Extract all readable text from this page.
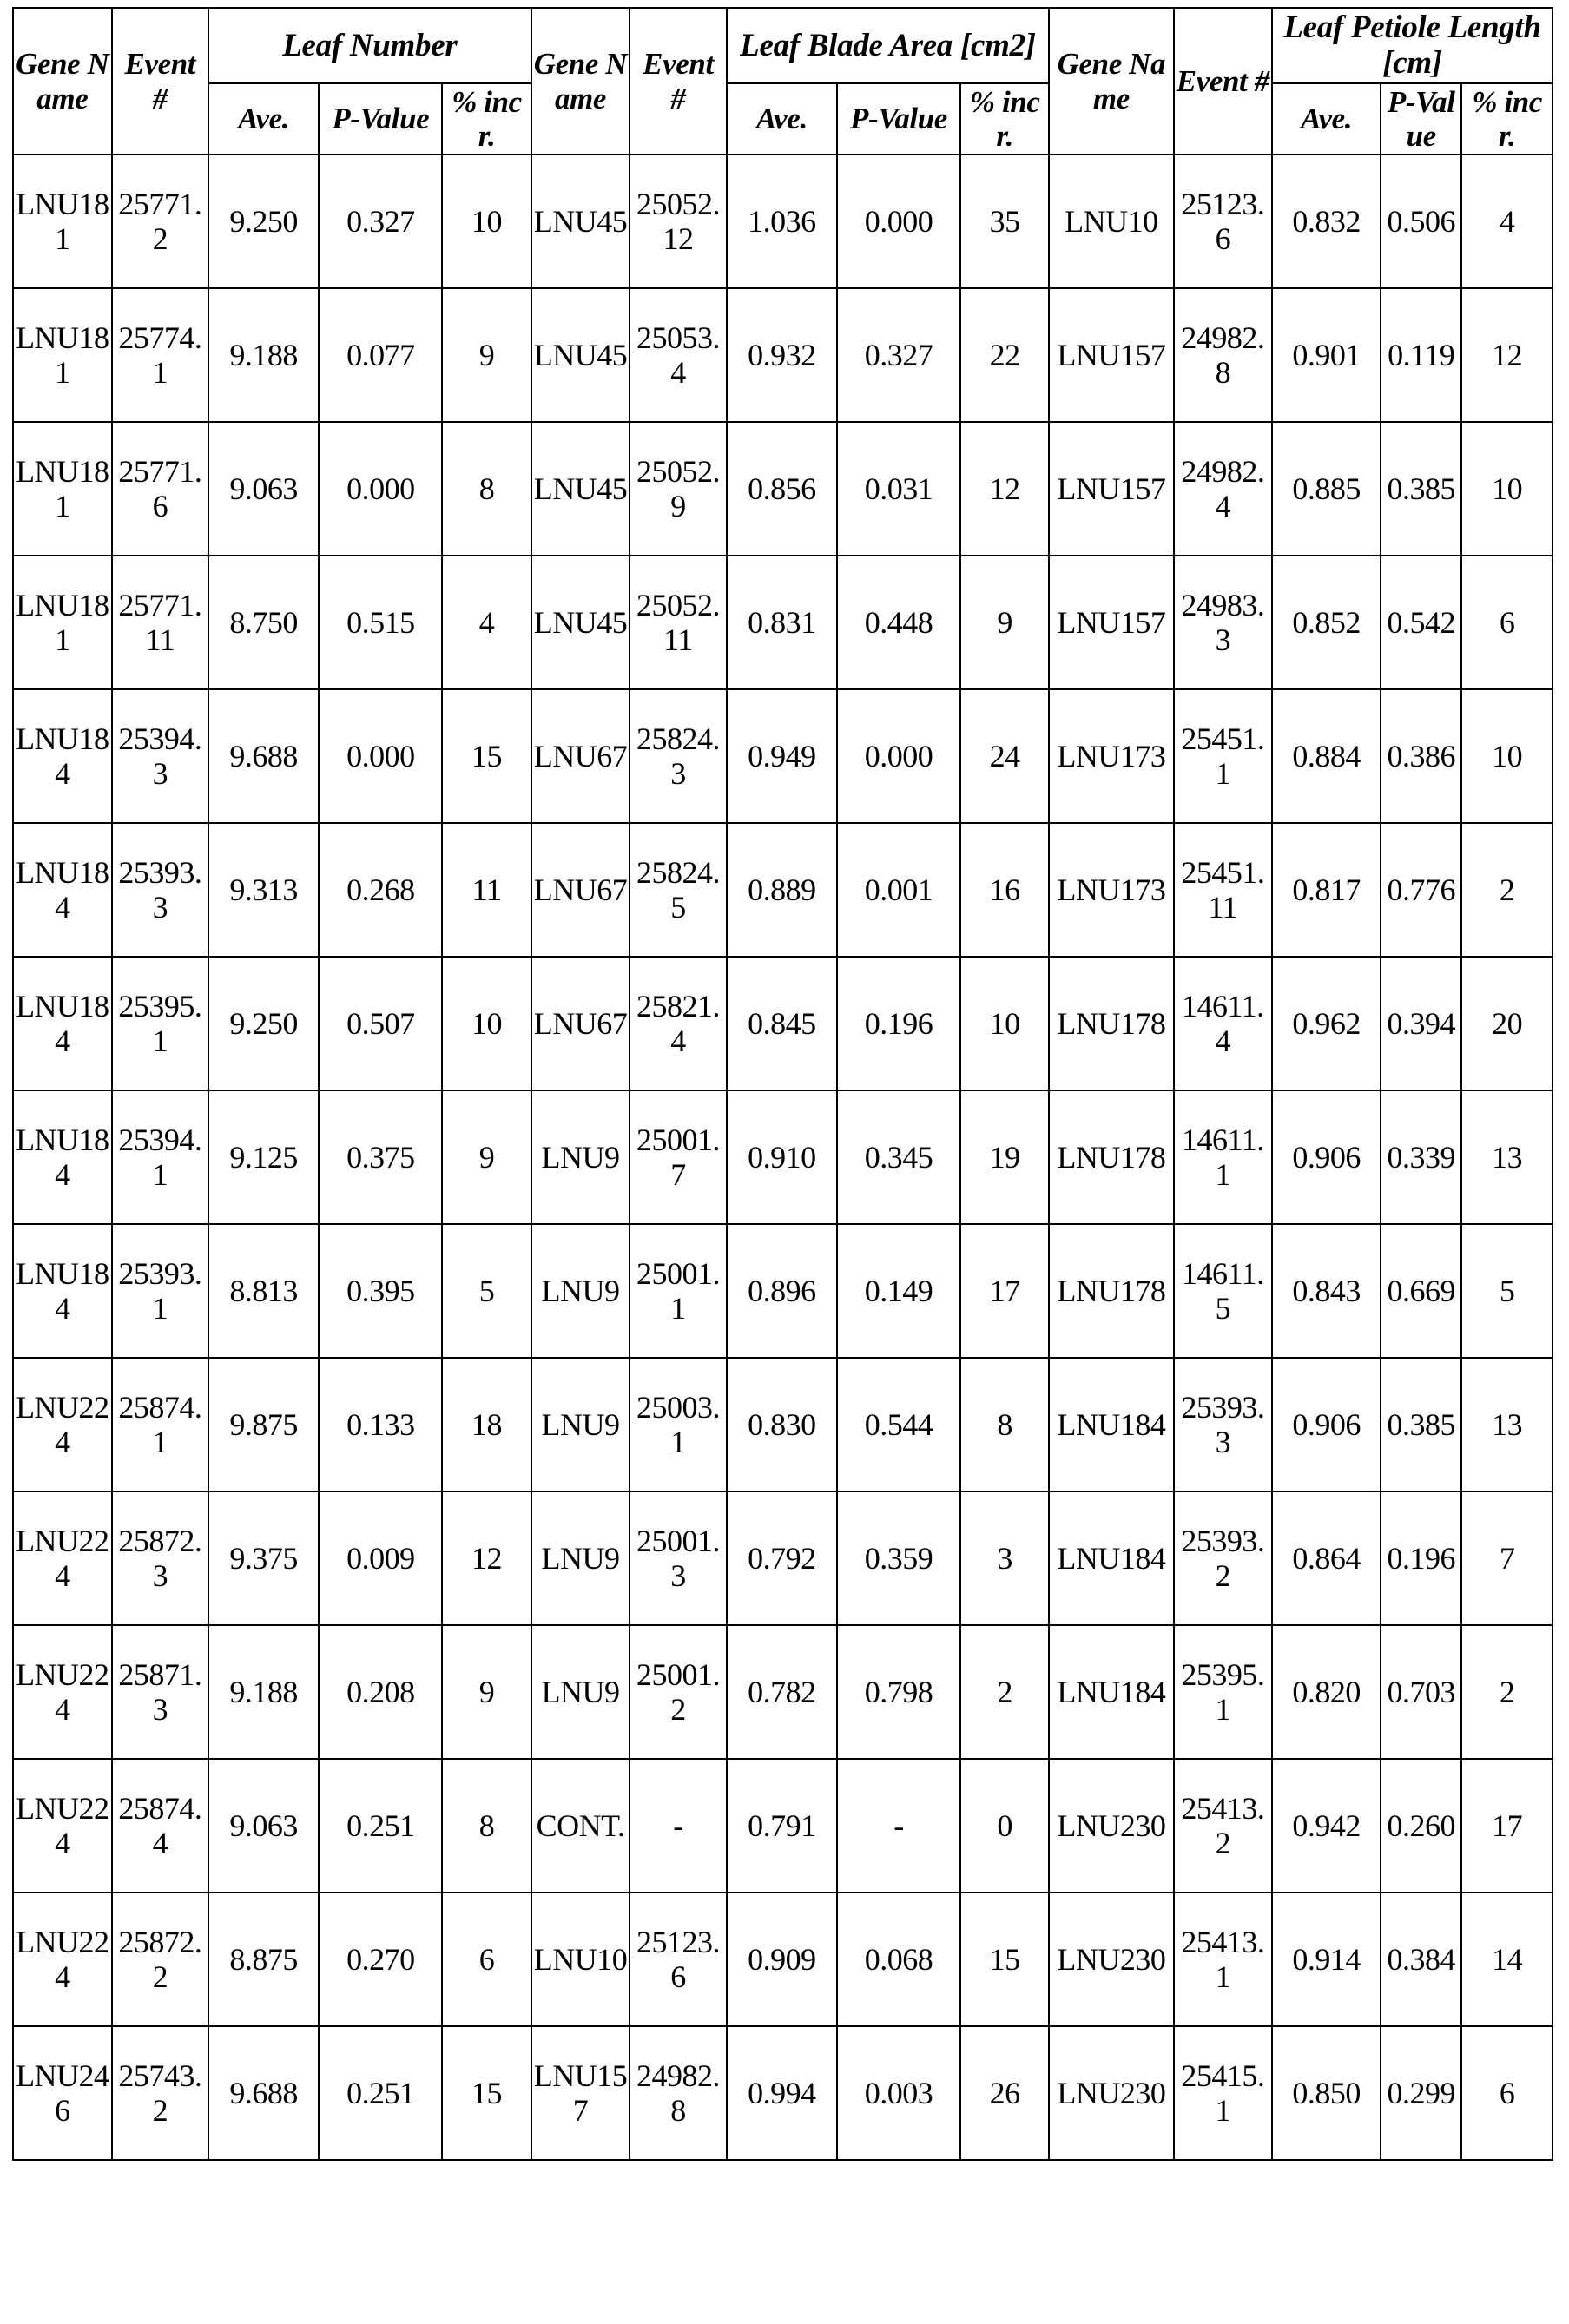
Gene Name	Event #	Leaf Number			Gene Name	Event #	Leaf Blade Area [cm2]			Gene Name	Event #	Leaf Petiole Length [cm]		
		Ave.	P-Value	% incr.			Ave.	P-Value	% incr.			Ave.	P-Value	% incr.
LNU181	25771.2	9.250	0.327	10	LNU45	25052.12	1.036	0.000	35	LNU10	25123.6	0.832	0.506	4
LNU181	25774.1	9.188	0.077	9	LNU45	25053.4	0.932	0.327	22	LNU157	24982.8	0.901	0.119	12
LNU181	25771.6	9.063	0.000	8	LNU45	25052.9	0.856	0.031	12	LNU157	24982.4	0.885	0.385	10
LNU181	25771.11	8.750	0.515	4	LNU45	25052.11	0.831	0.448	9	LNU157	24983.3	0.852	0.542	6
LNU184	25394.3	9.688	0.000	15	LNU67	25824.3	0.949	0.000	24	LNU173	25451.1	0.884	0.386	10
LNU184	25393.3	9.313	0.268	11	LNU67	25824.5	0.889	0.001	16	LNU173	25451.11	0.817	0.776	2
LNU184	25395.1	9.250	0.507	10	LNU67	25821.4	0.845	0.196	10	LNU178	14611.4	0.962	0.394	20
LNU184	25394.1	9.125	0.375	9	LNU9	25001.7	0.910	0.345	19	LNU178	14611.1	0.906	0.339	13
LNU184	25393.1	8.813	0.395	5	LNU9	25001.1	0.896	0.149	17	LNU178	14611.5	0.843	0.669	5
LNU224	25874.1	9.875	0.133	18	LNU9	25003.1	0.830	0.544	8	LNU184	25393.3	0.906	0.385	13
LNU224	25872.3	9.375	0.009	12	LNU9	25001.3	0.792	0.359	3	LNU184	25393.2	0.864	0.196	7
LNU224	25871.3	9.188	0.208	9	LNU9	25001.2	0.782	0.798	2	LNU184	25395.1	0.820	0.703	2
LNU224	25874.4	9.063	0.251	8	CONT.	-	0.791	-	0	LNU230	25413.2	0.942	0.260	17
LNU224	25872.2	8.875	0.270	6	LNU10	25123.6	0.909	0.068	15	LNU230	25413.1	0.914	0.384	14
LNU246	25743.2	9.688	0.251	15	LNU157	24982.8	0.994	0.003	26	LNU230	25415.1	0.850	0.299	6
